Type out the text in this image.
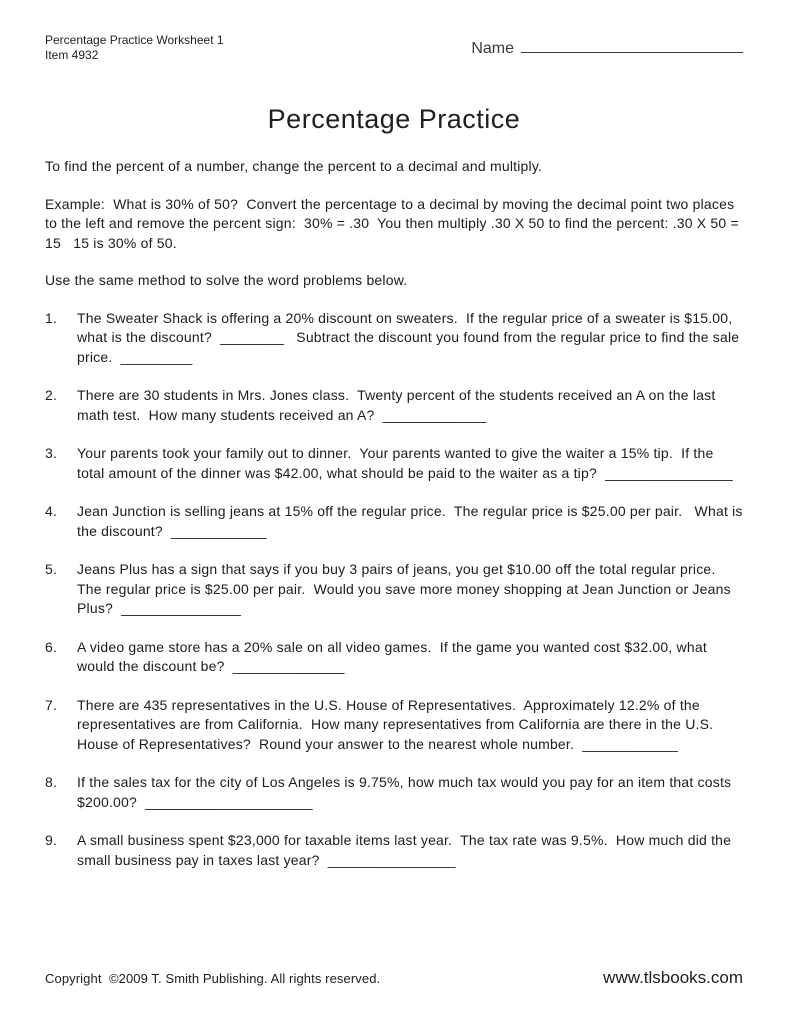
Percentage Practice Worksheet 1
Item 4932	Name
Percentage Practice
To find the percent of a number, change the percent to a decimal and multiply.
Example:  What is 30% of 50?  Convert the percentage to a decimal by moving the decimal point two places to the left and remove the percent sign:  30% = .30  You then multiply .30 X 50 to find the percent: .30 X 50 = 15   15 is 30% of 50.
Use the same method to solve the word problems below.
1.	The Sweater Shack is offering a 20% discount on sweaters.  If the regular price of a sweater is $15.00, what is the discount?  ________   Subtract the discount you found from the regular price to find the sale price.  _________
2.	There are 30 students in Mrs. Jones class.  Twenty percent of the students received an A on the last math test.  How many students received an A?  _____________
3.	Your parents took your family out to dinner.  Your parents wanted to give the waiter a 15% tip.  If the total amount of the dinner was $42.00, what should be paid to the waiter as a tip?  ________________
4.	Jean Junction is selling jeans at 15% off the regular price.  The regular price is $25.00 per pair.   What is the discount?  ____________
5.	Jeans Plus has a sign that says if you buy 3 pairs of jeans, you get $10.00 off the total regular price. The regular price is $25.00 per pair.  Would you save more money shopping at Jean Junction or Jeans Plus?  _______________
6.	A video game store has a 20% sale on all video games.  If the game you wanted cost $32.00, what would the discount be?  ______________
7.	There are 435 representatives in the U.S. House of Representatives.  Approximately 12.2% of the representatives are from California.  How many representatives from California are there in the U.S. House of Representatives?  Round your answer to the nearest whole number.  ____________
8.	If the sales tax for the city of Los Angeles is 9.75%, how much tax would you pay for an item that costs $200.00?  _____________________
9.	A small business spent $23,000 for taxable items last year.  The tax rate was 9.5%.  How much did the small business pay in taxes last year?  ________________
Copyright  ©2009 T. Smith Publishing. All rights reserved.	www.tlsbooks.com
